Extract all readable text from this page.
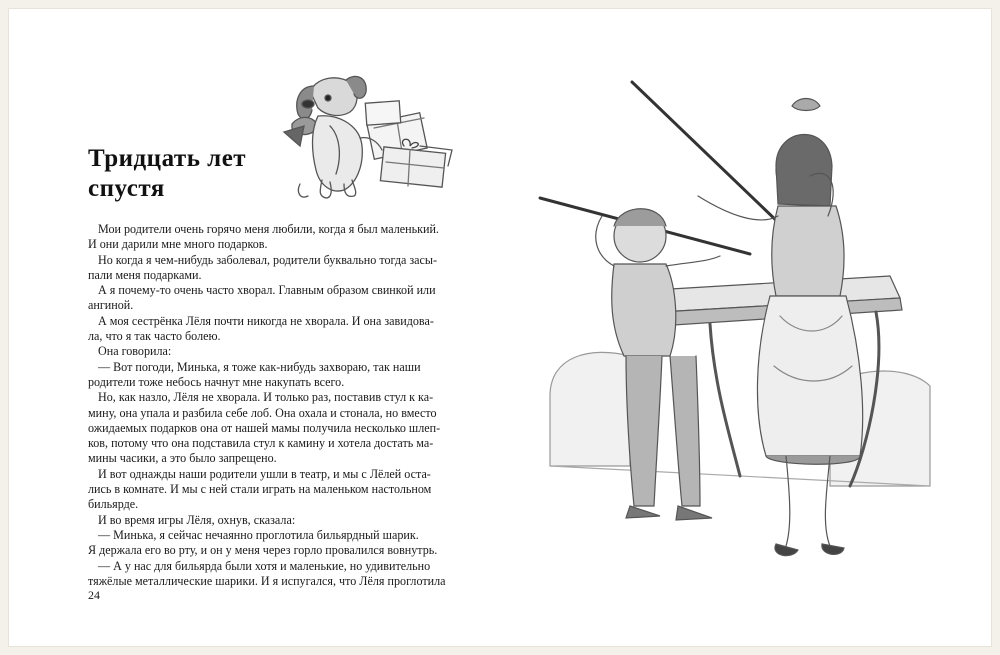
Тридцать лет
спустя

Мои родители очень горячо меня любили, когда я был маленький.

И они дарили мне много подарков.

Но когда я чем-нибудь заболевал, родители буквально тогда засы-

пали меня подарками.

А я почему-то очень часто хворал. Главным образом свинкой или

ангиной.

А моя сестрёнка Лёля почти никогда не хворала. И она завидова-

ла, что я так часто болею.

Она говорила:

— Вот погоди, Минька, я тоже как-нибудь захвораю, так наши

родители тоже небось начнут мне накупать всего.

Но, как назло, Лёля не хворала. И только раз, поставив стул к ка-

мину, она упала и разбила себе лоб. Она охала и стонала, но вместо

ожидаемых подарков она от нашей мамы получила несколько шлеп-

ков, потому что она подставила стул к камину и хотела достать ма-

мины часики, а это было запрещено.

И вот однажды наши родители ушли в театр, и мы с Лёлей оста-

лись в комнате. И мы с ней стали играть на маленьком настольном

бильярде.

И во время игры Лёля, охнув, сказала:

— Минька, я сейчас нечаянно проглотила бильярдный шарик.

Я держала его во рту, и он у меня через горло провалился вовнутрь.

— А у нас для бильярда были хотя и маленькие, но удивительно

тяжёлые металлические шарики. И я испугался, что Лёля проглотила

24
